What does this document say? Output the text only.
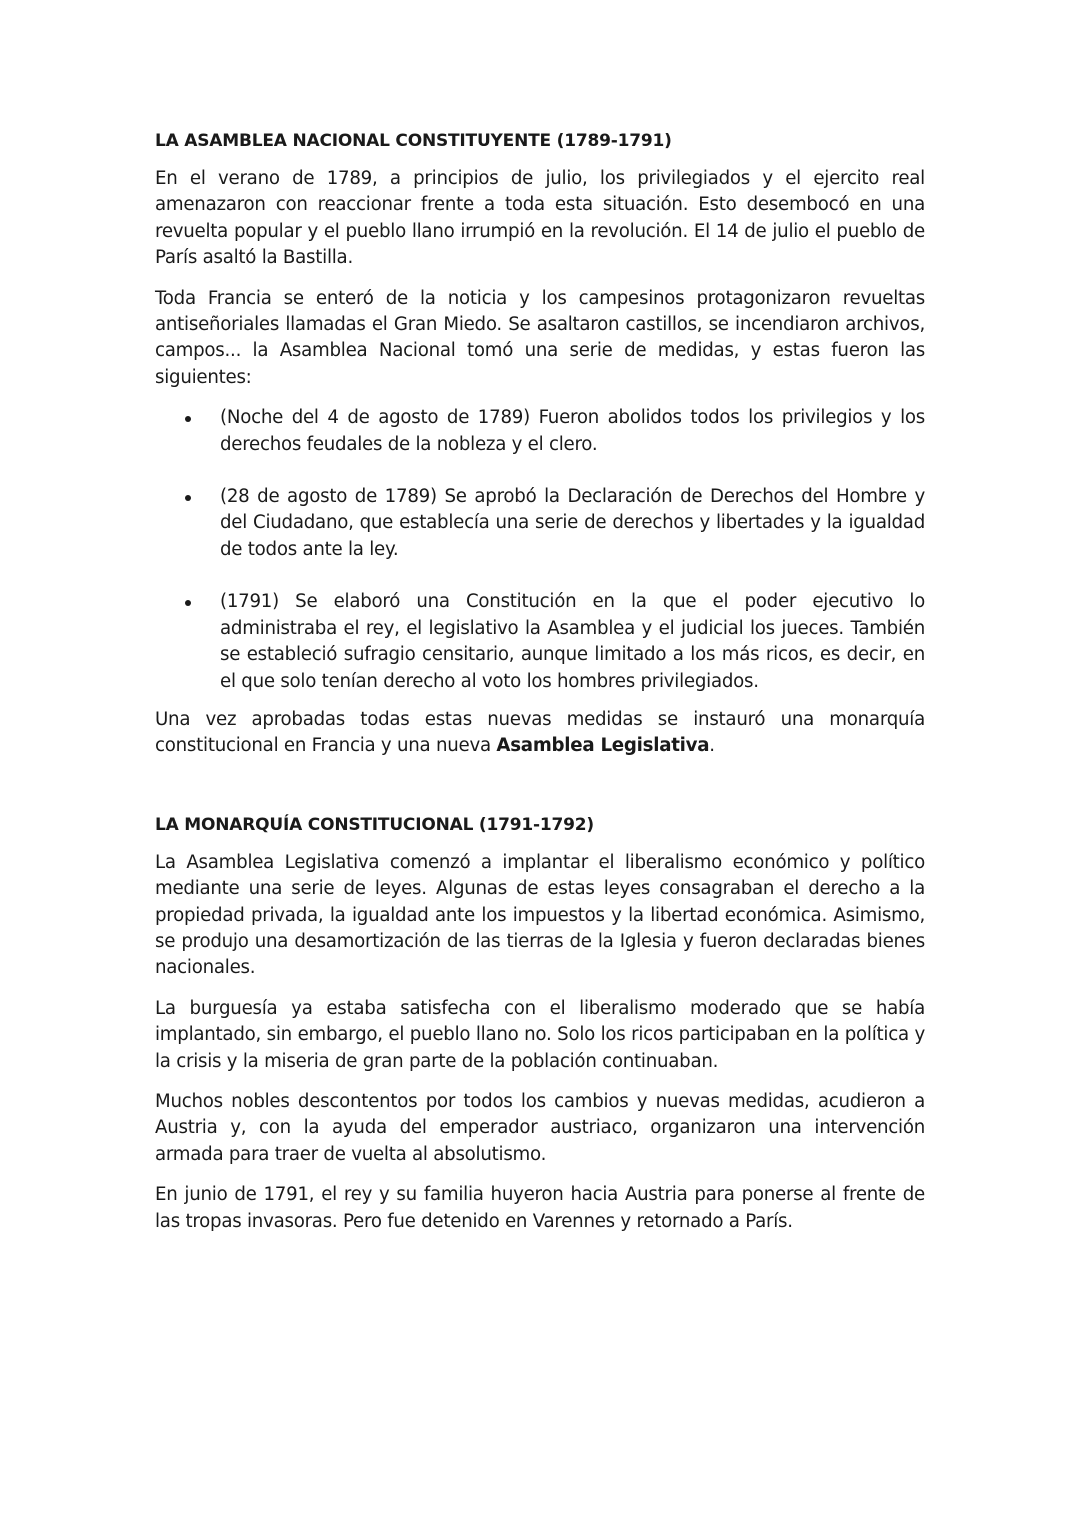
LA ASAMBLEA NACIONAL CONSTITUYENTE (1789-1791)

En el verano de 1789, a principios de julio, los privilegiados y el ejercito real amenazaron con reaccionar frente a toda esta situación. Esto desembocó en una revuelta popular y el pueblo llano irrumpió en la revolución. El 14 de julio el pueblo de París asaltó la Bastilla.

Toda Francia se enteró de la noticia y los campesinos protagonizaron revueltas antiseñoriales llamadas el Gran Miedo. Se asaltaron castillos, se incendiaron archivos, campos... la Asamblea Nacional tomó una serie de medidas, y estas fueron las siguientes:

(Noche del 4 de agosto de 1789) Fueron abolidos todos los privilegios y los derechos feudales de la nobleza y el clero.
(28 de agosto de 1789) Se aprobó la Declaración de Derechos del Hombre y del Ciudadano, que establecía una serie de derechos y libertades y la igualdad de todos ante la ley.
(1791) Se elaboró una Constitución en la que el poder ejecutivo lo administraba el rey, el legislativo la Asamblea y el judicial los jueces. También se estableció sufragio censitario, aunque limitado a los más ricos, es decir, en el que solo tenían derecho al voto los hombres privilegiados.

Una vez aprobadas todas estas nuevas medidas se instauró una monarquía constitucional en Francia y una nueva Asamblea Legislativa.

LA MONARQUÍA CONSTITUCIONAL (1791-1792)

La Asamblea Legislativa comenzó a implantar el liberalismo económico y político mediante una serie de leyes. Algunas de estas leyes consagraban el derecho a la propiedad privada, la igualdad ante los impuestos y la libertad económica. Asimismo, se produjo una desamortización de las tierras de la Iglesia y fueron declaradas bienes nacionales.

La burguesía ya estaba satisfecha con el liberalismo moderado que se había implantado, sin embargo, el pueblo llano no. Solo los ricos participaban en la política y la crisis y la miseria de gran parte de la población continuaban.

Muchos nobles descontentos por todos los cambios y nuevas medidas, acudieron a Austria y, con la ayuda del emperador austriaco, organizaron una intervención armada para traer de vuelta al absolutismo.

En junio de 1791, el rey y su familia huyeron hacia Austria para ponerse al frente de las tropas invasoras. Pero fue detenido en Varennes y retornado a París.
